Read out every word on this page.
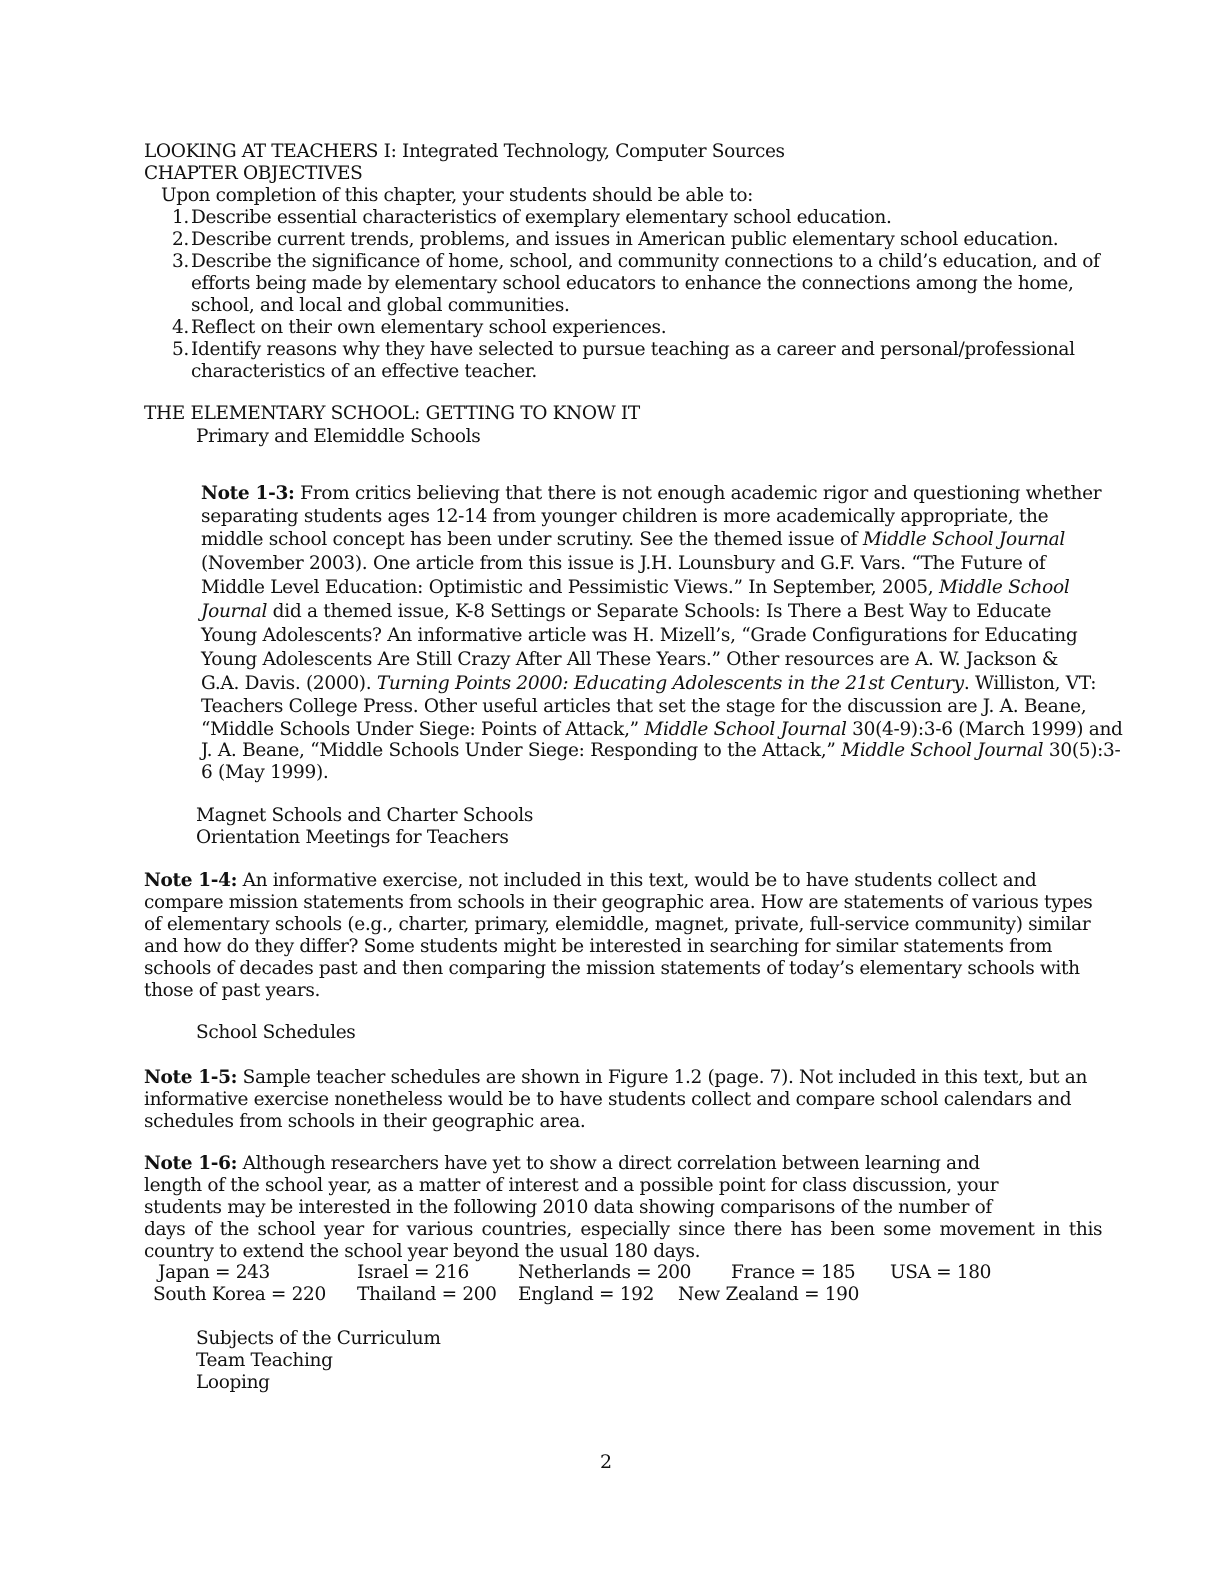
LOOKING AT TEACHERS I: Integrated Technology, Computer Sources
CHAPTER OBJECTIVES
Upon completion of this chapter, your students should be able to:
1. Describe essential characteristics of exemplary elementary school education.
2. Describe current trends, problems, and issues in American public elementary school education.
3. Describe the significance of home, school, and community connections to a child’s education, and of
efforts being made by elementary school educators to enhance the connections among the home,
school, and local and global communities.
4. Reflect on their own elementary school experiences.
5. Identify reasons why they have selected to pursue teaching as a career and personal/professional
characteristics of an effective teacher.
THE ELEMENTARY SCHOOL: GETTING TO KNOW IT
Primary and Elemiddle Schools
Note 1-3: From critics believing that there is not enough academic rigor and questioning whether
separating students ages 12-14 from younger children is more academically appropriate, the
middle school concept has been under scrutiny. See the themed issue of Middle School Journal
(November 2003). One article from this issue is J.H. Lounsbury and G.F. Vars. “The Future of
Middle Level Education: Optimistic and Pessimistic Views.” In September, 2005, Middle School
Journal did a themed issue, K-8 Settings or Separate Schools: Is There a Best Way to Educate
Young Adolescents? An informative article was H. Mizell’s, “Grade Configurations for Educating
Young Adolescents Are Still Crazy After All These Years.” Other resources are A. W. Jackson &
G.A. Davis. (2000). Turning Points 2000: Educating Adolescents in the 21st Century. Williston, VT:
Teachers College Press. Other useful articles that set the stage for the discussion are J. A. Beane,
“Middle Schools Under Siege: Points of Attack,” Middle School Journal 30(4-9):3-6 (March 1999) and
J. A. Beane, “Middle Schools Under Siege: Responding to the Attack,” Middle School Journal 30(5):3-
6 (May 1999).
Magnet Schools and Charter Schools
Orientation Meetings for Teachers
Note 1-4: An informative exercise, not included in this text, would be to have students collect and
compare mission statements from schools in their geographic area. How are statements of various types
of elementary schools (e.g., charter, primary, elemiddle, magnet, private, full-service community) similar
and how do they differ? Some students might be interested in searching for similar statements from
schools of decades past and then comparing the mission statements of today’s elementary schools with
those of past years.
School Schedules
Note 1-5: Sample teacher schedules are shown in Figure 1.2 (page. 7). Not included in this text, but an
informative exercise nonetheless would be to have students collect and compare school calendars and
schedules from schools in their geographic area.
Note 1-6: Although researchers have yet to show a direct correlation between learning and
length of the school year, as a matter of interest and a possible point for class discussion, your
students may be interested in the following 2010 data showing comparisons of the number of
days of the school year for various countries, especially since there has been some movement in this
country to extend the school year beyond the usual 180 days.
Japan = 243	Israel = 216	Netherlands = 200 France = 185 USA = 180
South Korea = 220 Thailand = 200 England = 192 New Zealand = 190
Subjects of the Curriculum
Team Teaching
Looping
2
